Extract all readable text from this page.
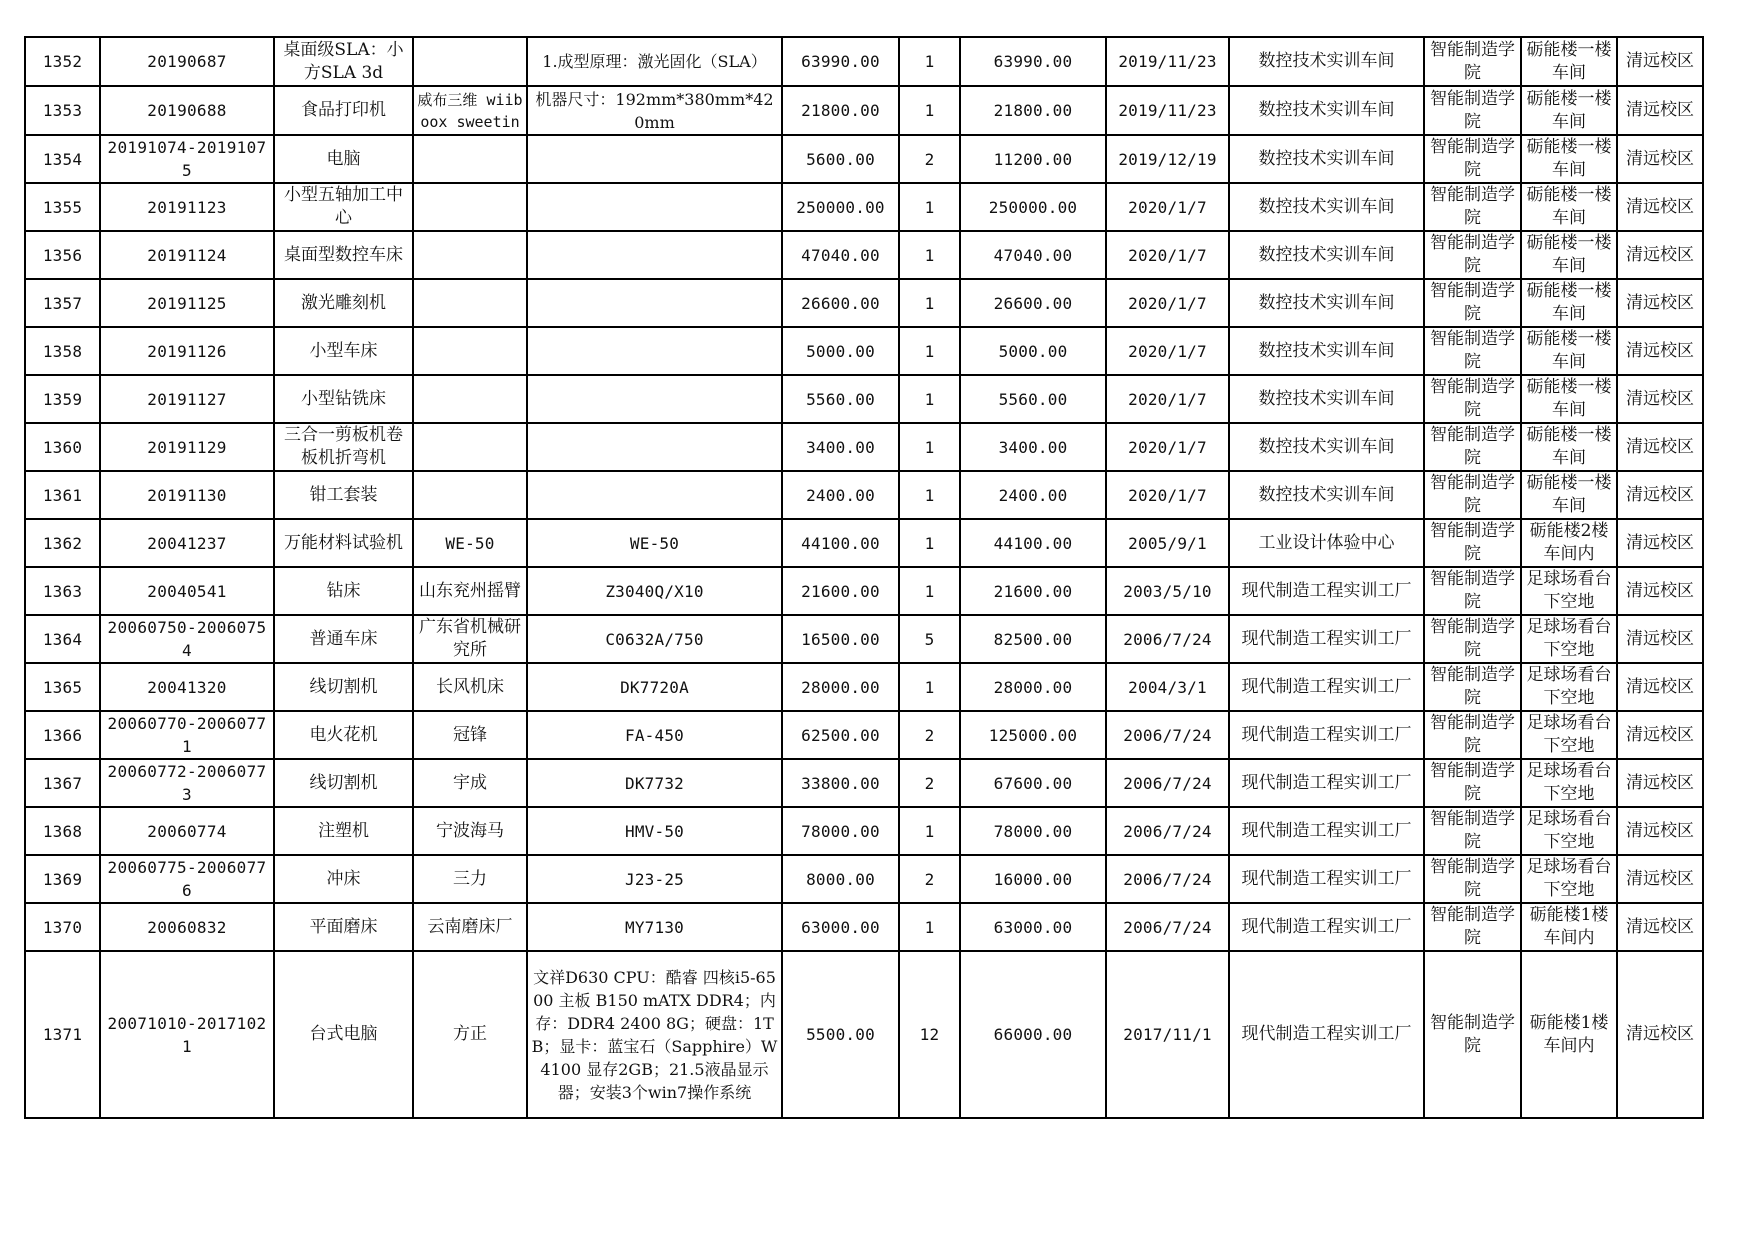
1352	20190687	桌面级SLA：小方SLA 3d		1.成型原理：激光固化（SLA）	63990.00	1	63990.00	2019/11/23	数控技术实训车间	智能制造学院	砺能楼一楼车间	清远校区
1353	20190688	食品打印机	威布三维 wiiboox sweetin	机器尺寸：192mm*380mm*420mm	21800.00	1	21800.00	2019/11/23	数控技术实训车间	智能制造学院	砺能楼一楼车间	清远校区
1354	20191074-20191075	电脑			5600.00	2	11200.00	2019/12/19	数控技术实训车间	智能制造学院	砺能楼一楼车间	清远校区
1355	20191123	小型五轴加工中心			250000.00	1	250000.00	2020/1/7	数控技术实训车间	智能制造学院	砺能楼一楼车间	清远校区
1356	20191124	桌面型数控车床			47040.00	1	47040.00	2020/1/7	数控技术实训车间	智能制造学院	砺能楼一楼车间	清远校区
1357	20191125	激光雕刻机			26600.00	1	26600.00	2020/1/7	数控技术实训车间	智能制造学院	砺能楼一楼车间	清远校区
1358	20191126	小型车床			5000.00	1	5000.00	2020/1/7	数控技术实训车间	智能制造学院	砺能楼一楼车间	清远校区
1359	20191127	小型钻铣床			5560.00	1	5560.00	2020/1/7	数控技术实训车间	智能制造学院	砺能楼一楼车间	清远校区
1360	20191129	三合一剪板机卷板机折弯机			3400.00	1	3400.00	2020/1/7	数控技术实训车间	智能制造学院	砺能楼一楼车间	清远校区
1361	20191130	钳工套装			2400.00	1	2400.00	2020/1/7	数控技术实训车间	智能制造学院	砺能楼一楼车间	清远校区
1362	20041237	万能材料试验机	WE-50	WE-50	44100.00	1	44100.00	2005/9/1	工业设计体验中心	智能制造学院	砺能楼2楼车间内	清远校区
1363	20040541	钻床	山东兖州摇臂	Z3040Q/X10	21600.00	1	21600.00	2003/5/10	现代制造工程实训工厂	智能制造学院	足球场看台下空地	清远校区
1364	20060750-20060754	普通车床	广东省机械研究所	C0632A/750	16500.00	5	82500.00	2006/7/24	现代制造工程实训工厂	智能制造学院	足球场看台下空地	清远校区
1365	20041320	线切割机	长风机床	DK7720A	28000.00	1	28000.00	2004/3/1	现代制造工程实训工厂	智能制造学院	足球场看台下空地	清远校区
1366	20060770-20060771	电火花机	冠锋	FA-450	62500.00	2	125000.00	2006/7/24	现代制造工程实训工厂	智能制造学院	足球场看台下空地	清远校区
1367	20060772-20060773	线切割机	宇成	DK7732	33800.00	2	67600.00	2006/7/24	现代制造工程实训工厂	智能制造学院	足球场看台下空地	清远校区
1368	20060774	注塑机	宁波海马	HMV-50	78000.00	1	78000.00	2006/7/24	现代制造工程实训工厂	智能制造学院	足球场看台下空地	清远校区
1369	20060775-20060776	冲床	三力	J23-25	8000.00	2	16000.00	2006/7/24	现代制造工程实训工厂	智能制造学院	足球场看台下空地	清远校区
1370	20060832	平面磨床	云南磨床厂	MY7130	63000.00	1	63000.00	2006/7/24	现代制造工程实训工厂	智能制造学院	砺能楼1楼车间内	清远校区
1371	20071010-20171021	台式电脑	方正	文祥D630 CPU：酷睿 四核i5-6500 主板 B150 mATX DDR4；内存：DDR4 2400 8G；硬盘：1TB；显卡：蓝宝石（Sapphire）W4100 显存2GB；21.5液晶显示器；安装3个win7操作系统	5500.00	12	66000.00	2017/11/1	现代制造工程实训工厂	智能制造学院	砺能楼1楼车间内	清远校区
